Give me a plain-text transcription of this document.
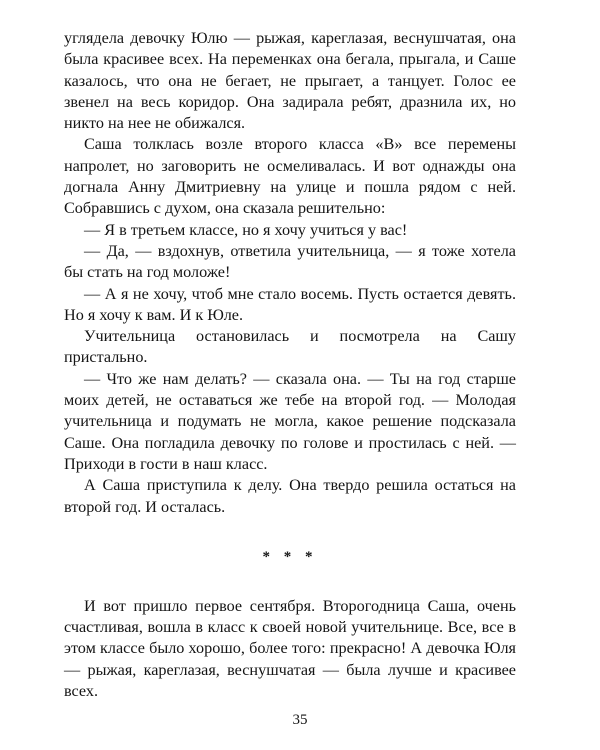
углядела девочку Юлю — рыжая, кареглазая, веснушчатая, она была красивее всех. На переменках она бегала, прыгала, и Саше казалось, что она не бегает, не прыгает, а танцует. Голос ее звенел на весь коридор. Она задирала ребят, дразнила их, но никто на нее не обижался.

Саша толклась возле второго класса «В» все перемены напролет, но заговорить не осмеливалась. И вот однажды она догнала Анну Дмитриевну на улице и пошла рядом с ней. Собравшись с духом, она сказала решительно:

— Я в третьем классе, но я хочу учиться у вас!

— Да, — вздохнув, ответила учительница, — я тоже хотела бы стать на год моложе!

— А я не хочу, чтоб мне стало восемь. Пусть остается девять. Но я хочу к вам. И к Юле.

Учительница остановилась и посмотрела на Сашу пристально.

— Что же нам делать? — сказала она. — Ты на год старше моих детей, не оставаться же тебе на второй год. — Молодая учительница и подумать не могла, какое решение подсказала Саше. Она погладила девочку по голове и простилась с ней. — Приходи в гости в наш класс.

А Саша приступила к делу. Она твердо решила остаться на второй год. И осталась.

* * *

И вот пришло первое сентября. Второгодница Саша, очень счастливая, вошла в класс к своей новой учительнице. Все, все в этом классе было хорошо, более того: прекрасно! А девочка Юля — рыжая, кареглазая, веснушчатая — была лучше и красивее всех.

35
